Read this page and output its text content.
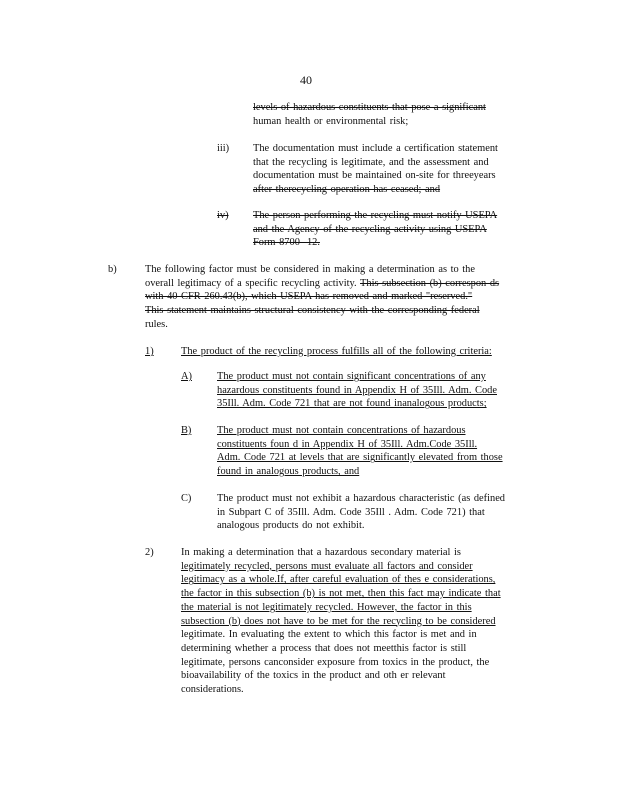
40
levels of hazardous constituents that pose a significant
human health or environmental risk;
iii) The documentation must include a certification statement
that the recycling is legitimate, and the assessment and
documentation must be maintained on-site for threeyears
after therecycling operation has ceased; and
iv) The person performing the recycling must notify USEPA
and the Agency of the recycling activity using USEPA
Form 8700 -12.
b)	The following factor must be considered in making a determination as to the
overall legitimacy of a specific recycling activity. This subsection (b) correspon ds
with 40 CFR 260.43(b), which USEPA has removed and marked "reserved."
This statement maintains structural consistency with the corresponding federal
rules.
1)	The product of the recycling process fulfills all of the following criteria:
A) The product must not contain significant concentrations of any
hazardous constituents found in Appendix H of 35Ill. Adm. Code
35Ill. Adm. Code 721 that are not found inanalogous products;
B) The product must not contain concentrations of hazardous
constituents foun d in Appendix H of 35Ill. Adm.Code 35Ill.
Adm. Code 721 at levels that are significantly elevated from those
found in analogous products, and
C) The product must not exhibit a hazardous characteristic (as defined
in Subpart C of 35Ill. Adm. Code 35Ill . Adm. Code 721) that
analogous products do not exhibit.
2)	In making a determination that a hazardous secondary material is
legitimately recycled, persons must evaluate all factors and consider
legitimacy as a whole.If, after careful evaluation of thes e considerations,
the factor in this subsection (b) is not met, then this fact may indicate that
the material is not legitimately recycled. However, the factor in this
subsection (b) does not have to be met for the recycling to be considered
legitimate. In evaluating the extent to which this factor is met and in
determining whether a process that does not meetthis factor is still
legitimate, persons canconsider exposure from toxics in the product, the
bioavailability of the toxics in the product and oth er relevant
considerations.
